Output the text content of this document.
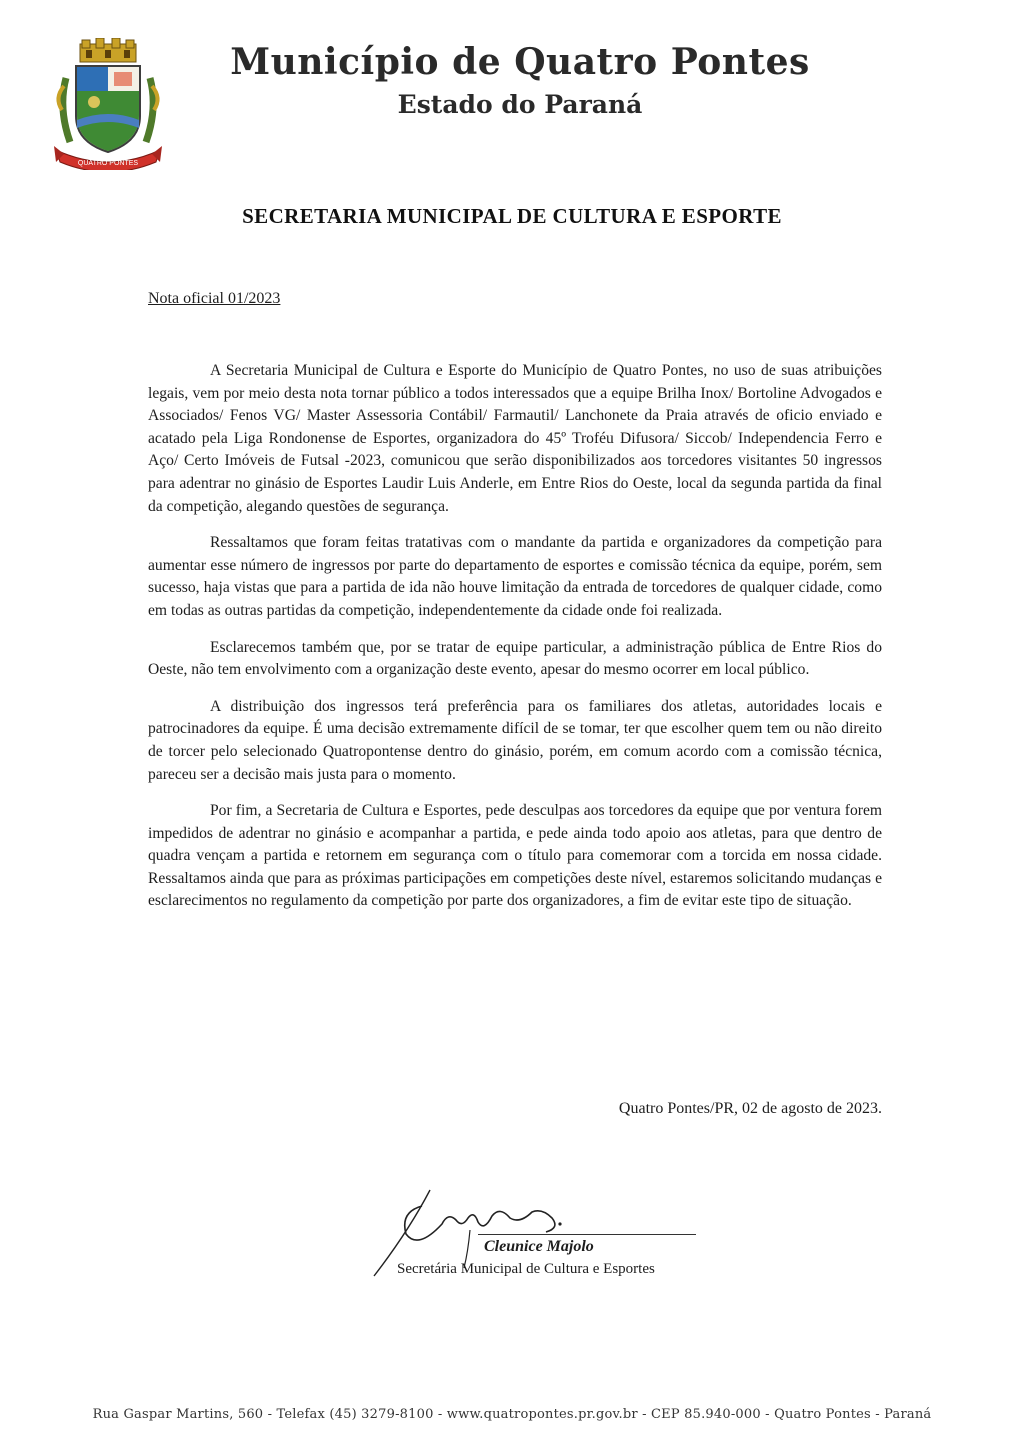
QUATRO PONTES
Município de Quatro Pontes
Estado do Paraná
SECRETARIA MUNICIPAL DE CULTURA E ESPORTE
Nota oficial 01/2023

A Secretaria Municipal de Cultura e Esporte do Município de Quatro Pontes, no uso de suas atribuições legais, vem por meio desta nota tornar público a todos interessados que a equipe Brilha Inox/ Bortoline Advogados e Associados/ Fenos VG/ Master Assessoria Contábil/ Farmautil/ Lanchonete da Praia através de oficio enviado e acatado pela Liga Rondonense de Esportes, organizadora do 45º Troféu Difusora/ Siccob/ Independencia Ferro e Aço/ Certo Imóveis de Futsal -2023, comunicou que serão disponibilizados aos torcedores visitantes 50 ingressos para adentrar no ginásio de Esportes Laudir Luis Anderle, em Entre Rios do Oeste, local da segunda partida da final da competição, alegando questões de segurança.

Ressaltamos que foram feitas tratativas com o mandante da partida e organizadores da competição para aumentar esse número de ingressos por parte do departamento de esportes e comissão técnica da equipe, porém, sem sucesso, haja vistas que para a partida de ida não houve limitação da entrada de torcedores de qualquer cidade, como em todas as outras partidas da competição, independentemente da cidade onde foi realizada.

Esclarecemos também que, por se tratar de equipe particular, a administração pública de Entre Rios do Oeste, não tem envolvimento com a organização deste evento, apesar do mesmo ocorrer em local público.

A distribuição dos ingressos terá preferência para os familiares dos atletas, autoridades locais e patrocinadores da equipe. É uma decisão extremamente difícil de se tomar, ter que escolher quem tem ou não direito de torcer pelo selecionado Quatropontense dentro do ginásio, porém, em comum acordo com a comissão técnica, pareceu ser a decisão mais justa para o momento.

Por fim, a Secretaria de Cultura e Esportes, pede desculpas aos torcedores da equipe que por ventura forem impedidos de adentrar no ginásio e acompanhar a partida, e pede ainda todo apoio aos atletas, para que dentro de quadra vençam a partida e retornem em segurança com o título para comemorar com a torcida em nossa cidade. Ressaltamos ainda que para as próximas participações em competições deste nível, estaremos solicitando mudanças e esclarecimentos no regulamento da competição por parte dos organizadores, a fim de evitar este tipo de situação.

Quatro Pontes/PR, 02 de agosto de 2023.
Cleunice Majolo
Secretária Municipal de Cultura e Esportes
Rua Gaspar Martins, 560 - Telefax (45) 3279-8100 - www.quatropontes.pr.gov.br - CEP 85.940-000 - Quatro Pontes - Paraná
